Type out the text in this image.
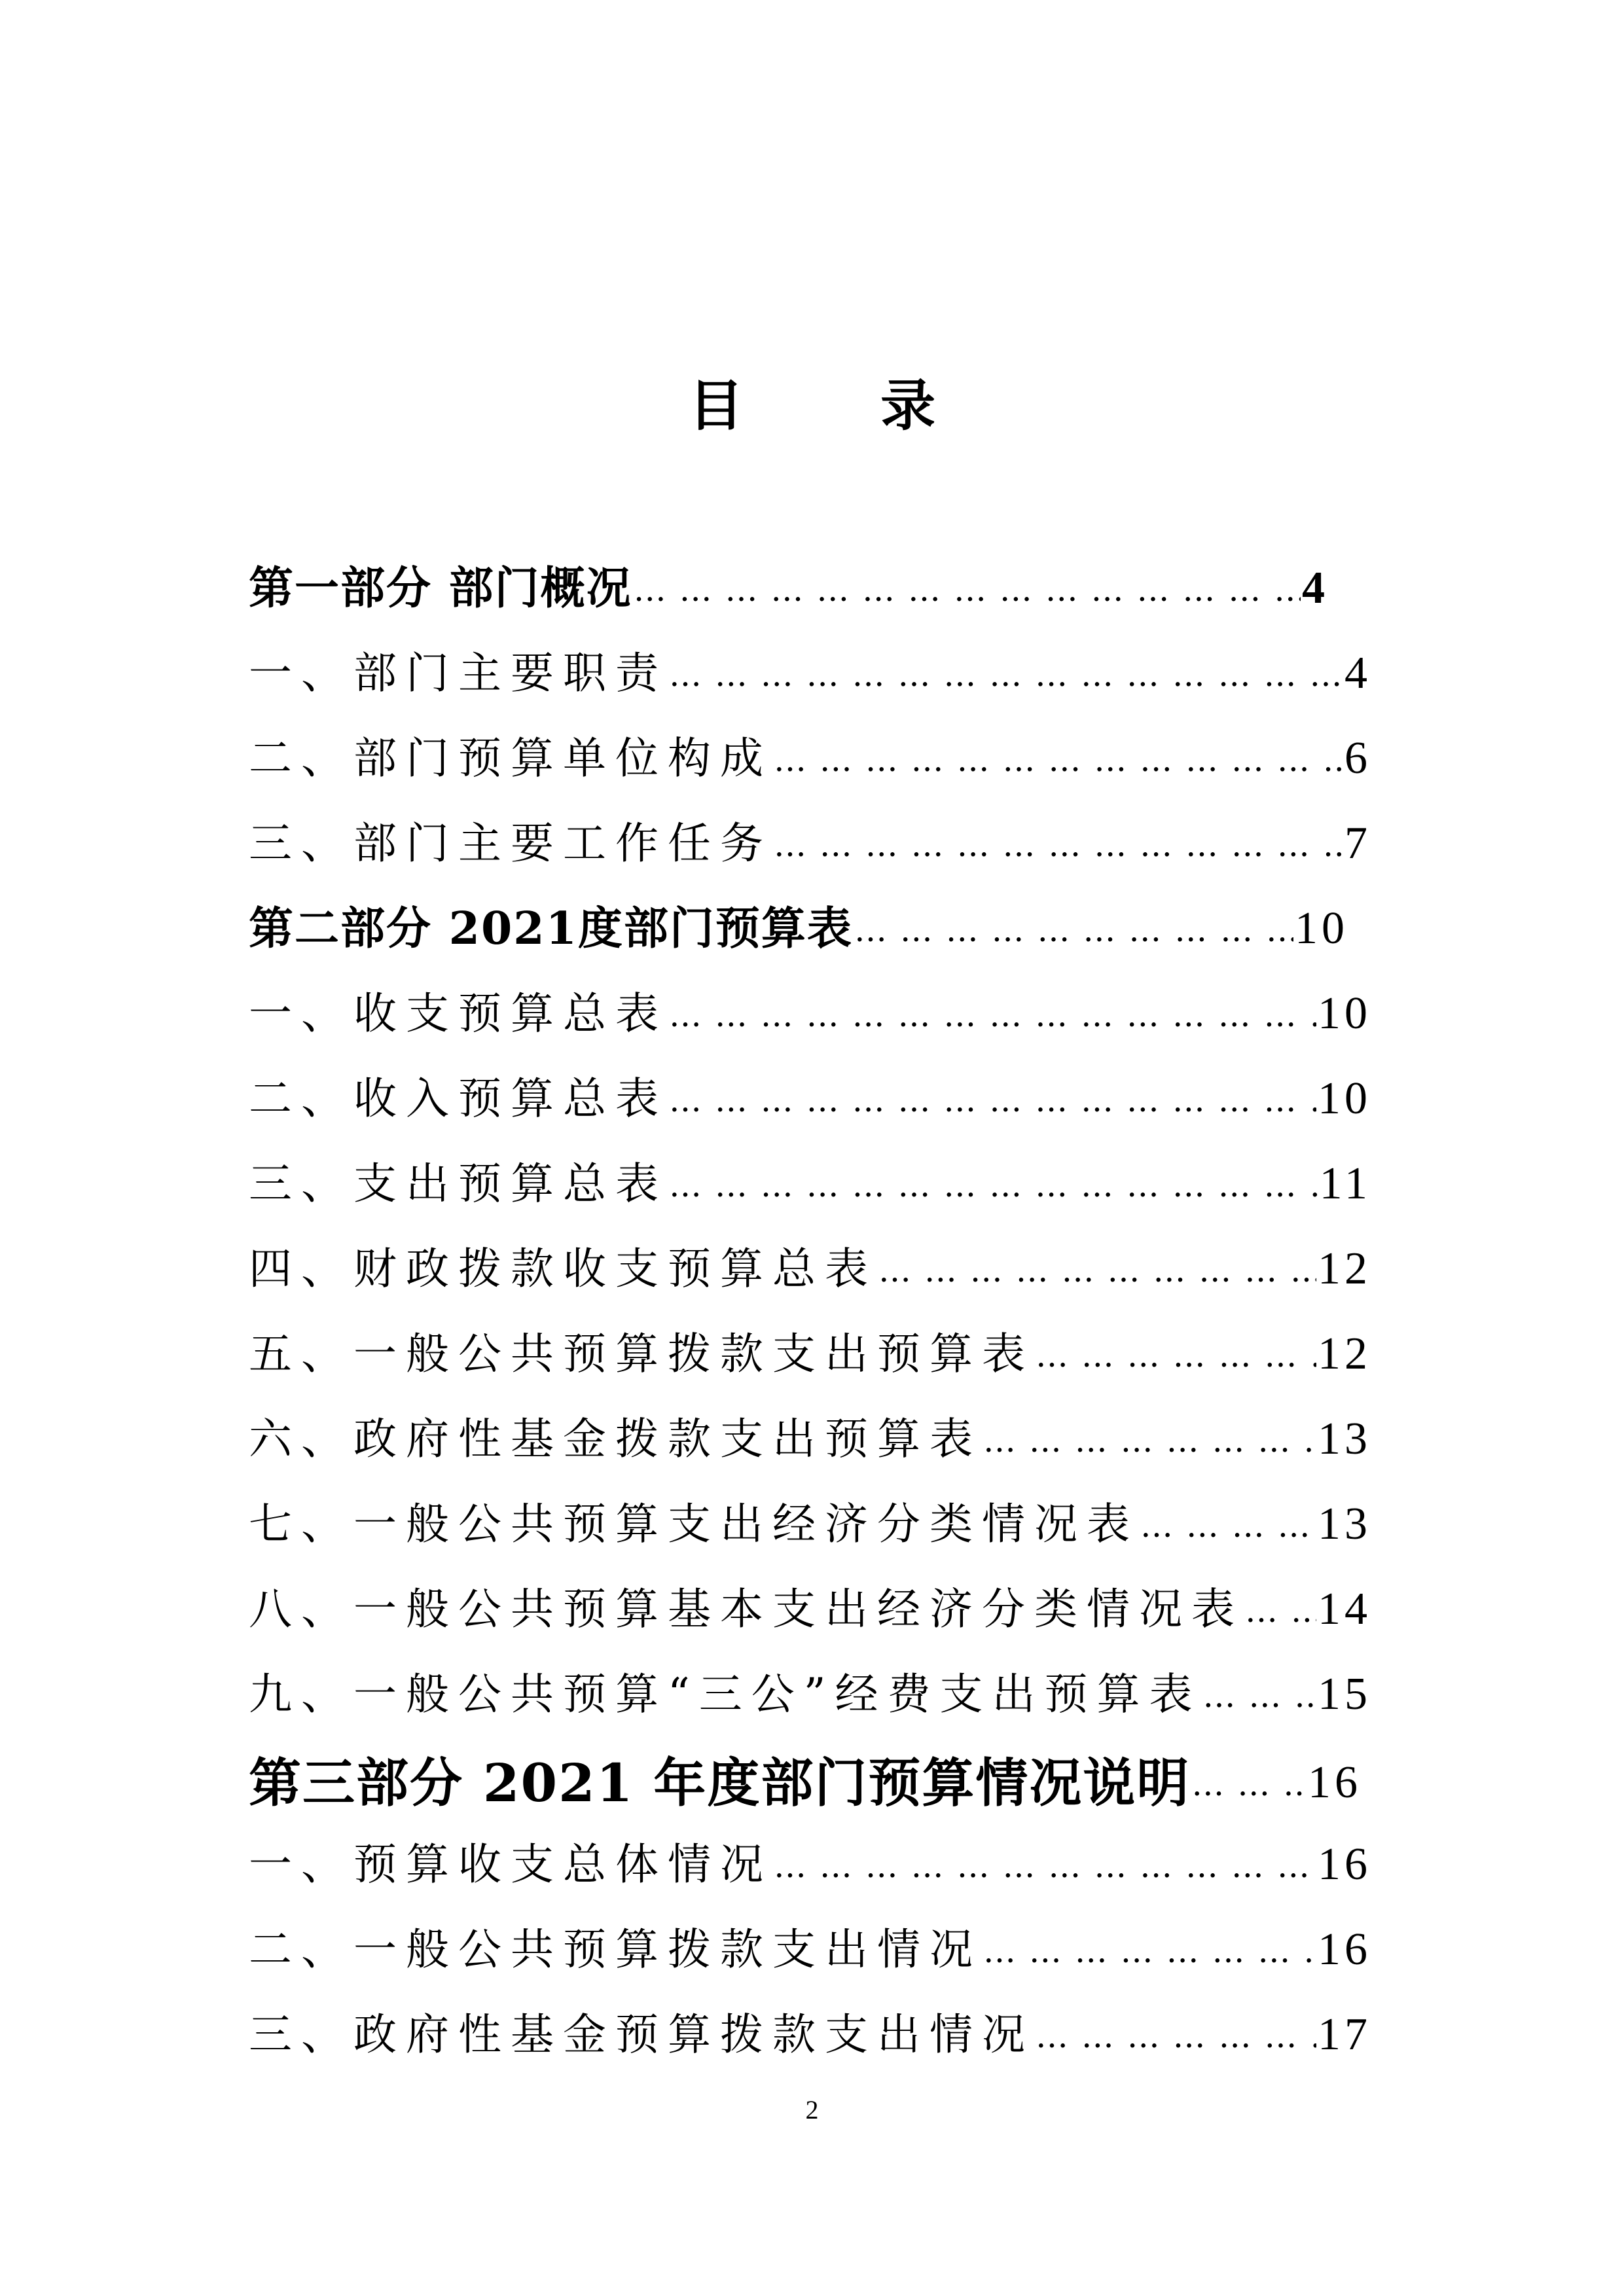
目 录
第一部分 部门概况 … … … … … … … … … … … … … … … … … … … … … … … … … … … … … … … … … … … … … … … … … … … … … …	4
一、部门主要职责 … … … … … … … … … … … … … … … … … … … … … … … … … … … … … … … … … … … … … … … … … … … … … …	4
二、部门预算单位构成 … … … … … … … … … … … … … … … … … … … … … … … … … … … … … … … … … … … … … … … … … … … … … …	6
三、部门主要工作任务 … … … … … … … … … … … … … … … … … … … … … … … … … … … … … … … … … … … … … … … … … … … … … …	7
第二部分 2021度部门预算表 … … … … … … … … … … … … … … … … … … … … … … … … … … … … … … … … … … … … … … … … … … … … … …	10
一、收支预算总表 … … … … … … … … … … … … … … … … … … … … … … … … … … … … … … … … … … … … … … … … … … … … … …	10
二、收入预算总表 … … … … … … … … … … … … … … … … … … … … … … … … … … … … … … … … … … … … … … … … … … … … … …	10
三、支出预算总表 … … … … … … … … … … … … … … … … … … … … … … … … … … … … … … … … … … … … … … … … … … … … … …	11
四、财政拨款收支预算总表 … … … … … … … … … … … … … … … … … … … … … … … … … … … … … … … … … … … … … … … … … … … … … …	12
五、一般公共预算拨款支出预算表 … … … … … … … … … … … … … … … … … … … … … … … … … … … … … … … … … … … … … … … … … … … … … …	12
六、政府性基金拨款支出预算表 … … … … … … … … … … … … … … … … … … … … … … … … … … … … … … … … … … … … … … … … … … … … … …	13
七、一般公共预算支出经济分类情况表 … … … … … … … … … … … … … … … … … … … … … … … … … … … … … … … … … … … … … … … … … … … … … …	13
八、一般公共预算基本支出经济分类情况表 … … … … … … … … … … … … … … … … … … … … … … … … … … … … … … … … … … … … … … … … … … … … … … 14
九、一般公共预算“三公”经费支出预算表 … … … … … … … … … … … … … … … … … … … … … … … … … … … … … … … … … … … … … … … … … … … … … …	15
第三部分 2021 年度部门预算情况说明 … … … … … … … … … … … … … … … … … … … … … … … … … … … … … … … … … … … … … … … … … … … … … …	16
一、预算收支总体情况 … … … … … … … … … … … … … … … … … … … … … … … … … … … … … … … … … … … … … … … … … … … … … …	16
二、一般公共预算拨款支出情况 … … … … … … … … … … … … … … … … … … … … … … … … … … … … … … … … … … … … … … … … … … … … … …	16
三、政府性基金预算拨款支出情况 … … … … … … … … … … … … … … … … … … … … … … … … … … … … … … … … … … … … … … … … … … … … … …	17
2
